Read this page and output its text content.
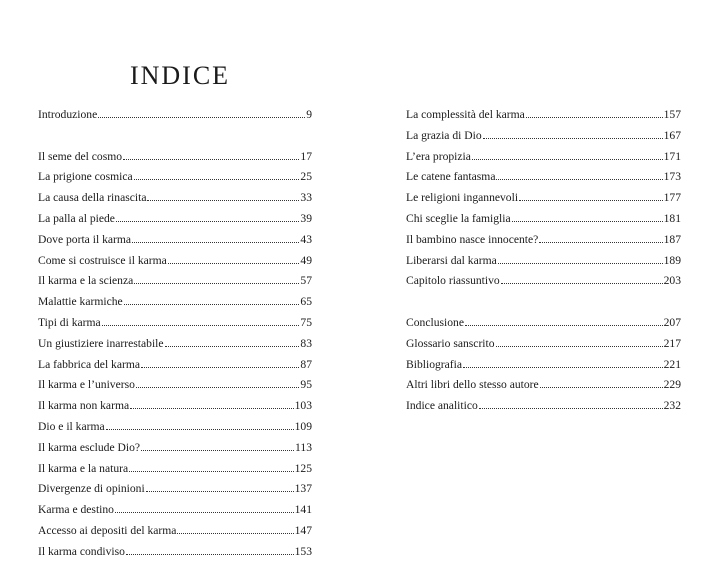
INDICE
Introduzione	9
Il seme del cosmo	17
La prigione cosmica	25
La causa della rinascita	33
La palla al piede	39
Dove porta il karma	43
Come si costruisce il karma	49
Il karma e la scienza	57
Malattie karmiche	65
Tipi di karma	75
Un giustiziere inarrestabile	83
La fabbrica del karma	87
Il karma e l’universo	95
Il karma non karma	103
Dio e il karma	109
Il karma esclude Dio?	113
Il karma e la natura	125
Divergenze di opinioni	137
Karma e destino	141
Accesso ai depositi del karma	147
Il karma condiviso	153
La complessità del karma	157
La grazia di Dio	167
L’era propizia	171
Le catene fantasma	173
Le religioni ingannevoli	177
Chi sceglie la famiglia	181
Il bambino nasce innocente?	187
Liberarsi dal karma	189
Capitolo riassuntivo	203
Conclusione	207
Glossario sanscrito	217
Bibliografia	221
Altri libri dello stesso autore	229
Indice analitico	232
